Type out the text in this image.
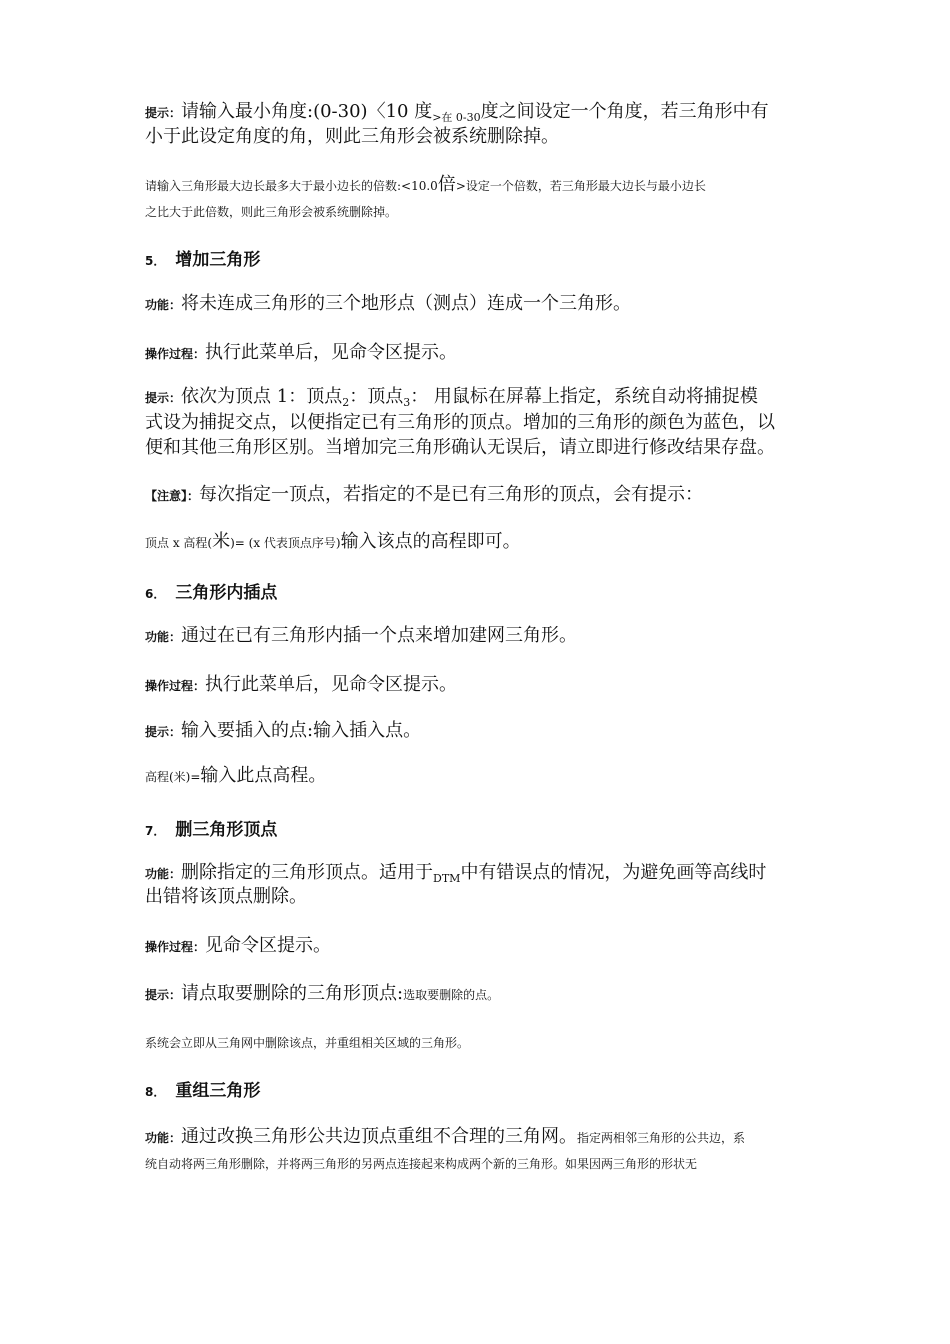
提示：请输入最小角度:(0-30)〈10 度$_{>在 0-30}$度之间设定一个角度，若三角形中有
小于此设定角度的角，则此三角形会被系统删除掉。
请输入三角形最大边长最多大于最小边长的倍数:<10.0倍>设定一个倍数，若三角形最大边长与最小边长
之比大于此倍数，则此三角形会被系统删除掉。
5． 增加三角形
功能：将未连成三角形的三个地形点（测点）连成一个三角形。
操作过程：执行此菜单后，见命令区提示。
提示：依次为顶点 1：顶点$_2$：顶点$_3$： 用鼠标在屏幕上指定，系统自动将捕捉模
式设为捕捉交点，以便指定已有三角形的顶点。增加的三角形的颜色为蓝色，以
便和其他三角形区别。当增加完三角形确认无误后，请立即进行修改结果存盘。
【注意】：每次指定一顶点，若指定的不是已有三角形的顶点，会有提示：
顶点 x 高程(米)= (x 代表顶点序号)输入该点的高程即可。
6． 三角形内插点
功能：通过在已有三角形内插一个点来增加建网三角形。
操作过程：执行此菜单后，见命令区提示。
提示：输入要插入的点:输入插入点。
高程(米)=输入此点高程。
7． 删三角形顶点
功能：删除指定的三角形顶点。适用于$_{DTM}$中有错误点的情况，为避免画等高线时
出错将该顶点删除。
操作过程：见命令区提示。
提示：请点取要删除的三角形顶点:选取要删除的点。
系统会立即从三角网中删除该点，并重组相关区域的三角形。
8． 重组三角形
功能：通过改换三角形公共边顶点重组不合理的三角网。指定两相邻三角形的公共边，系
统自动将两三角形删除，并将两三角形的另两点连接起来构成两个新的三角形。如果因两三角形的形状无
